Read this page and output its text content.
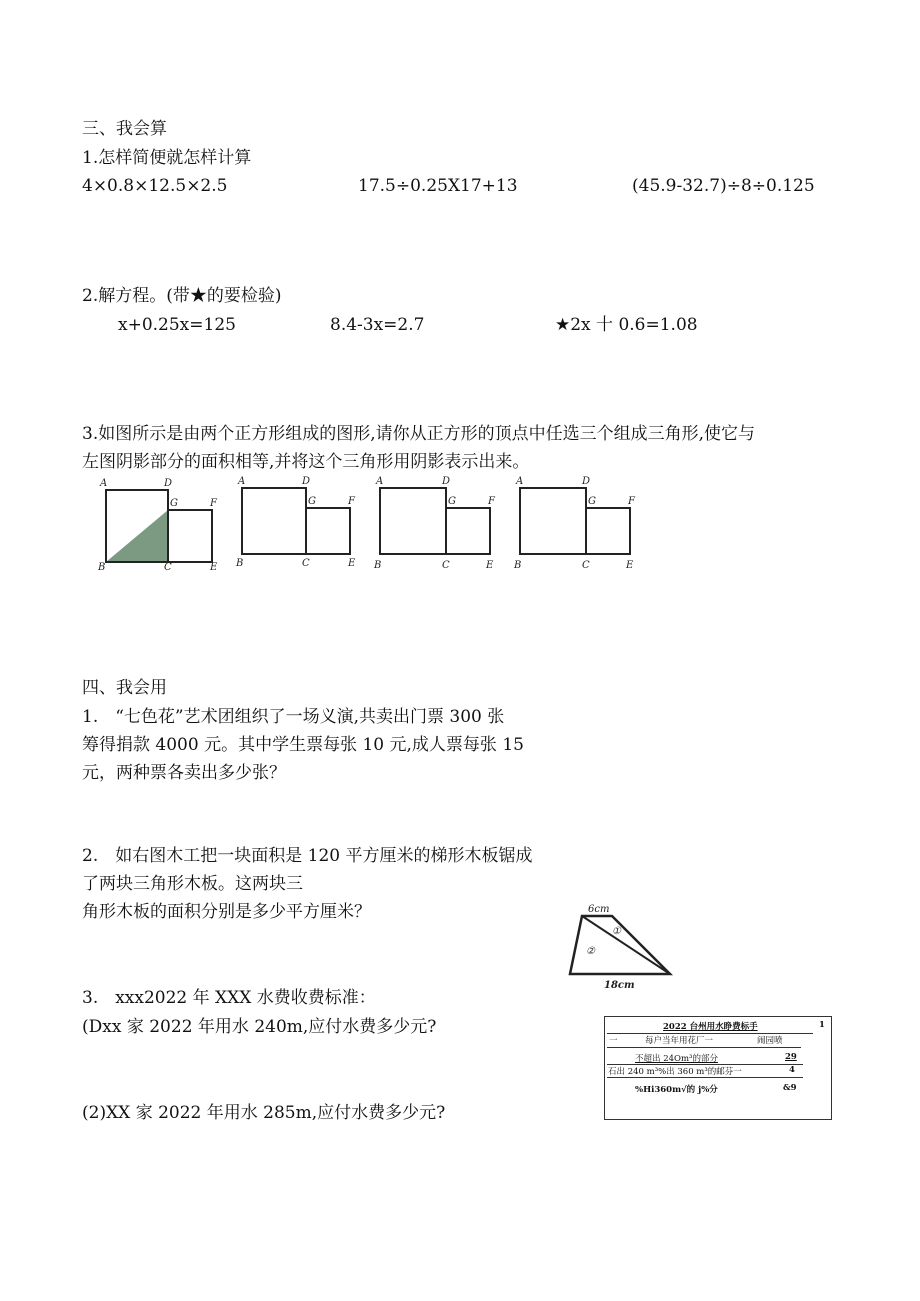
三、我会算
1.怎样简便就怎样计算
4×0.8×12.5×2.5	17.5÷0.25X17+13	(45.9-32.7)÷8÷0.125
2.解方程。(带★的要检验)
x+0.25x=125	8.4-3x=2.7	★2x 十 0.6=1.08
3.如图所示是由两个正方形组成的图形,请你从正方形的顶点中任选三个组成三角形,使它与
左图阴影部分的面积相等,并将这个三角形用阴影表示出来。
A	D
G	F
B	C	E
A	D
G	F
B	C	E
A	D
G	F
B	C	E
A	D
G	F
B	C	E
四、我会用
1.　“七色花”艺术团组织了一场义演,共卖出门票 300 张
筹得捐款 4000 元。其中学生票每张 10 元,成人票每张 15
元，两种票各卖出多少张？
2.　如右图木工把一块面积是 120 平方厘米的梯形木板锯成
了两块三角形木板。这两块三
角形木板的面积分别是多少平方厘米？	6cm
①
②
18cm
3.　xxx2022 年 XXX 水费收费标准：
(Dxx 家 2022 年用水 240m,应付水费多少元?
(2)XX 家 2022 年用水 285m,应付水费多少元?
2022 台州用水睁费标手	1
一	每户当年用花厂一	闹园喷
不超出 24Om³的部分	29
石出 240 m³%出 360 m³的邮芬一	4
%Hi360m√的 j%分	&9
